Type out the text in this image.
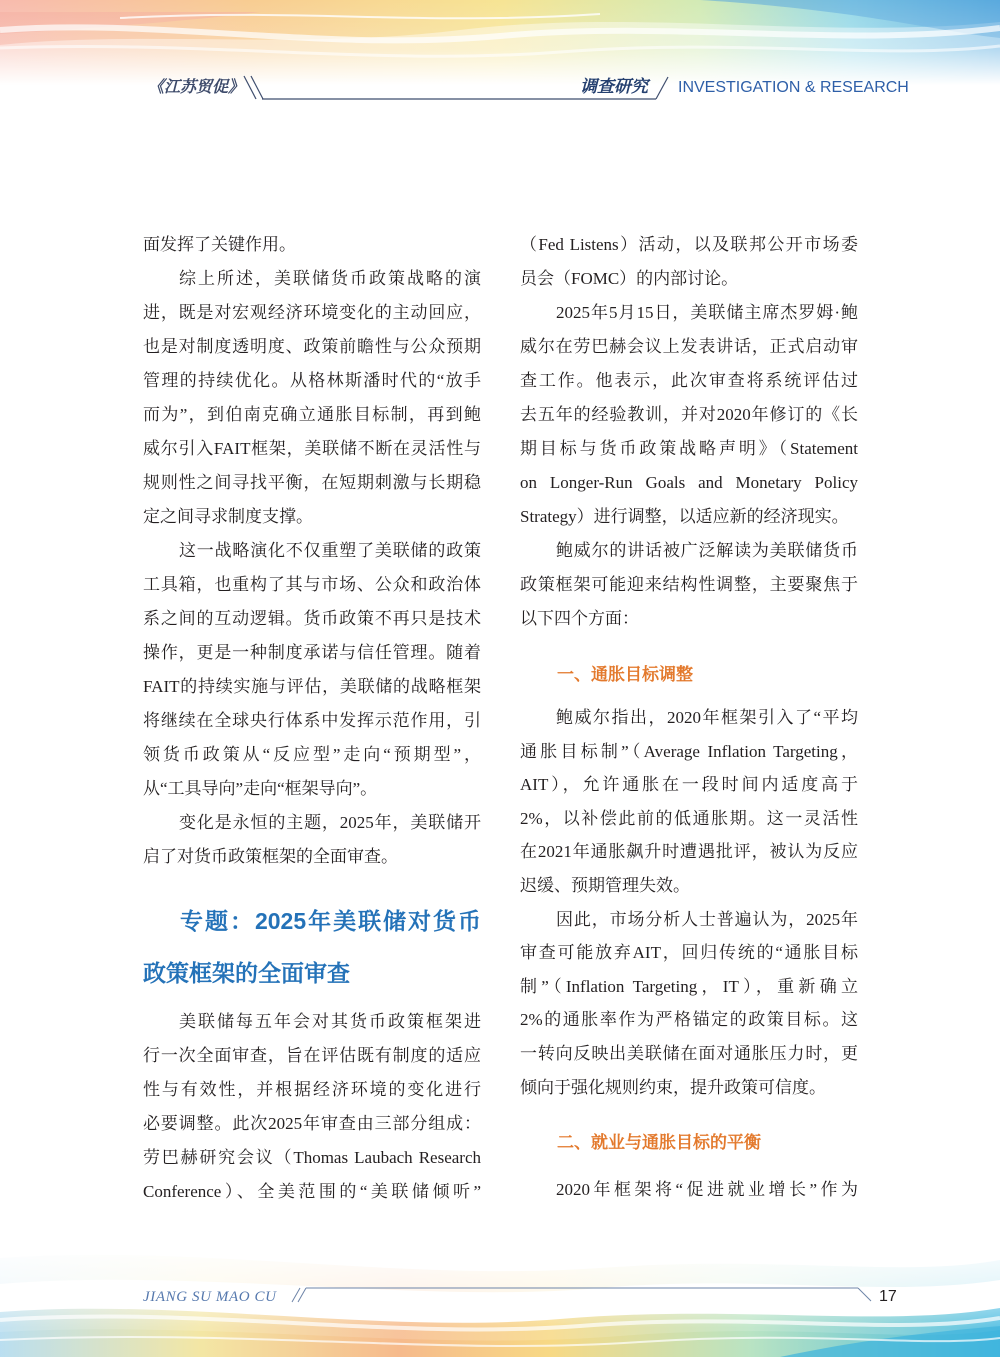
《江苏贸促》	调查研究 INVESTIGATION & RESEARCH
面发挥了关键作用。
综上所述，美联储货币政策战略的演
进，既是对宏观经济环境变化的主动回应，
也是对制度透明度、政策前瞻性与公众预期
管理的持续优化。从格林斯潘时代的“放手
而为”，到伯南克确立通胀目标制，再到鲍
威尔引入FAIT框架，美联储不断在灵活性与
规则性之间寻找平衡，在短期刺激与长期稳
定之间寻求制度支撑。
这一战略演化不仅重塑了美联储的政策
工具箱，也重构了其与市场、公众和政治体
系之间的互动逻辑。货币政策不再只是技术
操作，更是一种制度承诺与信任管理。随着
FAIT的持续实施与评估，美联储的战略框架
将继续在全球央行体系中发挥示范作用，引
领货币政策从“反应型”走向“预期型”，
从“工具导向”走向“框架导向”。
变化是永恒的主题，2025年，美联储开
启了对货币政策框架的全面审查。
专题：2025年美联储对货币
政策框架的全面审查
美联储每五年会对其货币政策框架进
行一次全面审查，旨在评估既有制度的适应
性与有效性，并根据经济环境的变化进行
必要调整。此次2025年审查由三部分组成：
劳巴赫研究会议（Thomas Laubach Research
Conference）、全美范围的“美联储倾听”
（Fed Listens）活动，以及联邦公开市场委
员会（FOMC）的内部讨论。
2025年5月15日，美联储主席杰罗姆·鲍
威尔在劳巴赫会议上发表讲话，正式启动审
查工作。他表示，此次审查将系统评估过
去五年的经验教训，并对2020年修订的《长
期目标与货币政策战略声明》（Statement
on Longer-Run Goals and Monetary Policy
Strategy）进行调整，以适应新的经济现实。
鲍威尔的讲话被广泛解读为美联储货币
政策框架可能迎来结构性调整，主要聚焦于
以下四个方面：
一、通胀目标调整
鲍威尔指出，2020年框架引入了“平均
通胀目标制”（Average Inflation Targeting，
AIT），允许通胀在一段时间内适度高于
2%，以补偿此前的低通胀期。这一灵活性
在2021年通胀飙升时遭遇批评，被认为反应
迟缓、预期管理失效。
因此，市场分析人士普遍认为，2025年
审查可能放弃AIT，回归传统的“通胀目标
制”（Inflation Targeting，IT），重新确立
2%的通胀率作为严格锚定的政策目标。这
一转向反映出美联储在面对通胀压力时，更
倾向于强化规则约束，提升政策可信度。
二、就业与通胀目标的平衡
2020年框架将“促进就业增长”作为
JIANG SU MAO CU	17
